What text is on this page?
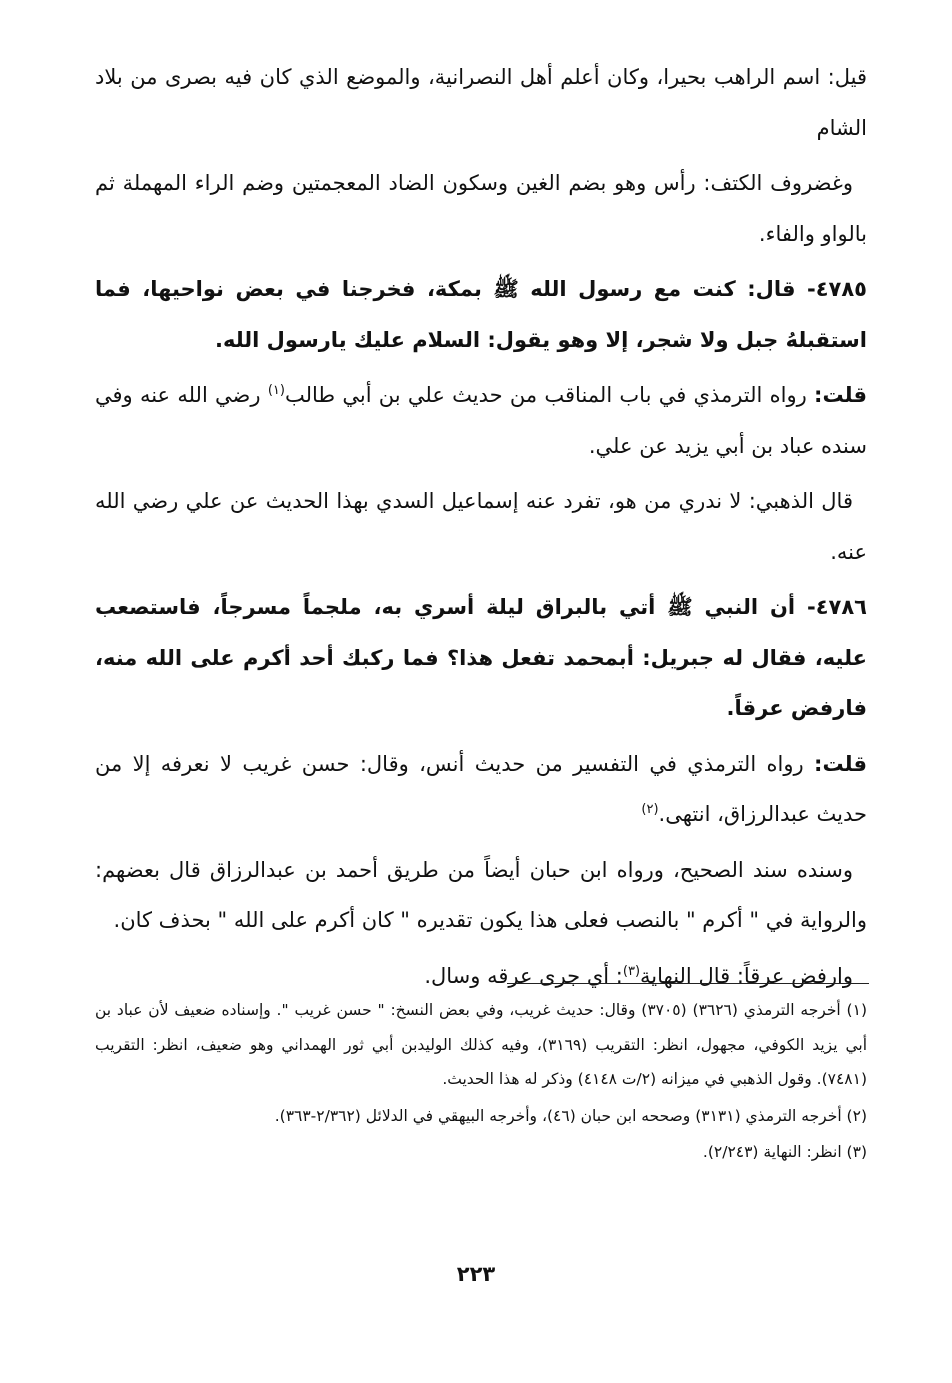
قيل: اسم الراهب بحيرا، وكان أعلم أهل النصرانية، والموضع الذي كان فيه بصرى من بلاد الشام

وغضروف الكتف: رأس وهو بضم الغين وسكون الضاد المعجمتين وضم الراء المهملة ثم بالواو والفاء.

٤٧٨٥- قال: كنت مع رسول الله ﷺ بمكة، فخرجنا في بعض نواحيها، فما استقبلهُ جبل ولا شجر، إلا وهو يقول: السلام عليك يارسول الله.

قلت: رواه الترمذي في باب المناقب من حديث علي بن أبي طالب$^{(١)}$ رضي الله عنه وفي سنده عباد بن أبي يزيد عن علي.

قال الذهبي: لا ندري من هو، تفرد عنه إسماعيل السدي بهذا الحديث عن علي رضي الله عنه.

٤٧٨٦- أن النبي ﷺ أتي بالبراق ليلة أسري به، ملجماً مسرجاً، فاستصعب عليه، فقال له جبريل: أبمحمد تفعل هذا؟ فما ركبك أحد أكرم على الله منه، فارفض عرقاً.

قلت: رواه الترمذي في التفسير من حديث أنس، وقال: حسن غريب لا نعرفه إلا من حديث عبدالرزاق، انتهى.$^{(٢)}$

وسنده سند الصحيح، ورواه ابن حبان أيضاً من طريق أحمد بن عبدالرزاق قال بعضهم: والرواية في " أكرم " بالنصب فعلى هذا يكون تقديره " كان أكرم على الله " بحذف كان.

وارفض عرقاً: قال النهاية$^{(٣)}$: أي جرى عرقه وسال.

(١) أخرجه الترمذي (٣٦٢٦) (٣٧٠٥) وقال: حديث غريب، وفي بعض النسخ: " حسن غريب ". وإسناده ضعيف لأن عباد بن أبي يزيد الكوفي، مجهول، انظر: التقريب (٣١٦٩)، وفيه كذلك الوليدبن أبي ثور الهمداني وهو ضعيف، انظر: التقريب (٧٤٨١). وقول الذهبي في ميزانه (٢/ت ٤١٤٨) وذكر له هذا الحديث.

(٢) أخرجه الترمذي (٣١٣١) وصححه ابن حبان (٤٦)، وأخرجه البيهقي في الدلائل (٢/٣٦٢-٣٦٣).

(٣) انظر: النهاية (٢/٢٤٣).

٢٢٣
